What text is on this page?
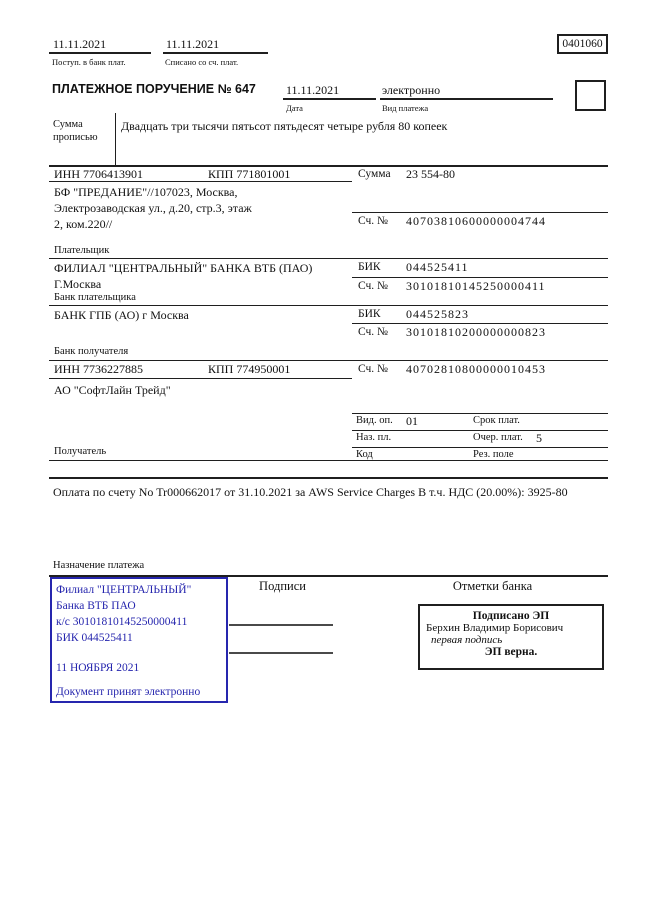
11.11.2021
Поступ. в банк плат.
11.11.2021
Списано со сч. плат.
0401060
ПЛАТЕЖНОЕ ПОРУЧЕНИЕ № 647	11.11.2021
Дата
электронно
Вид платежа
Сумма
прописью
Двадцать три тысячи пятьсот пятьдесят четыре рубля 80 копеек
ИНН 7706413901	КПП 771801001	Сумма 23 554-80
БФ "ПРЕДАНИЕ"//107023, Москва,
Электрозаводская ул., д.20, стр.3, этаж
2, ком.220//	Сч. № 40703810600000004744
Плательщик
ФИЛИАЛ "ЦЕНТРАЛЬНЫЙ" БАНКА ВТБ (ПАО)
Г.Москва
БИК 044525411
Сч. № 30101810145250000411
Банк плательщика
БАНК ГПБ (АО) г Москва	БИК 044525823
Сч. № 30101810200000000823
Банк получателя
ИНН 7736227885	КПП 774950001	Сч. № 40702810800000010453
АО "СофтЛайн Трейд"
Получатель
Вид. оп. 01	Срок плат.
Наз. пл.	Очер. плат. 5
Код	Рез. поле
Оплата по счету No Tr000662017 от 31.10.2021 за AWS Service Charges В т.ч. НДС (20.00%): 3925-80
Назначение платежа
Филиал "ЦЕНТРАЛЬНЫЙ" Банка ВТБ ПАО
к/с 30101810145250000411
БИК 044525411
11 НОЯБРЯ 2021
Документ принят электронно
Подписи	Отметки банка
Подписано ЭП
Берхин Владимир Борисович
первая подпись
ЭП верна.
